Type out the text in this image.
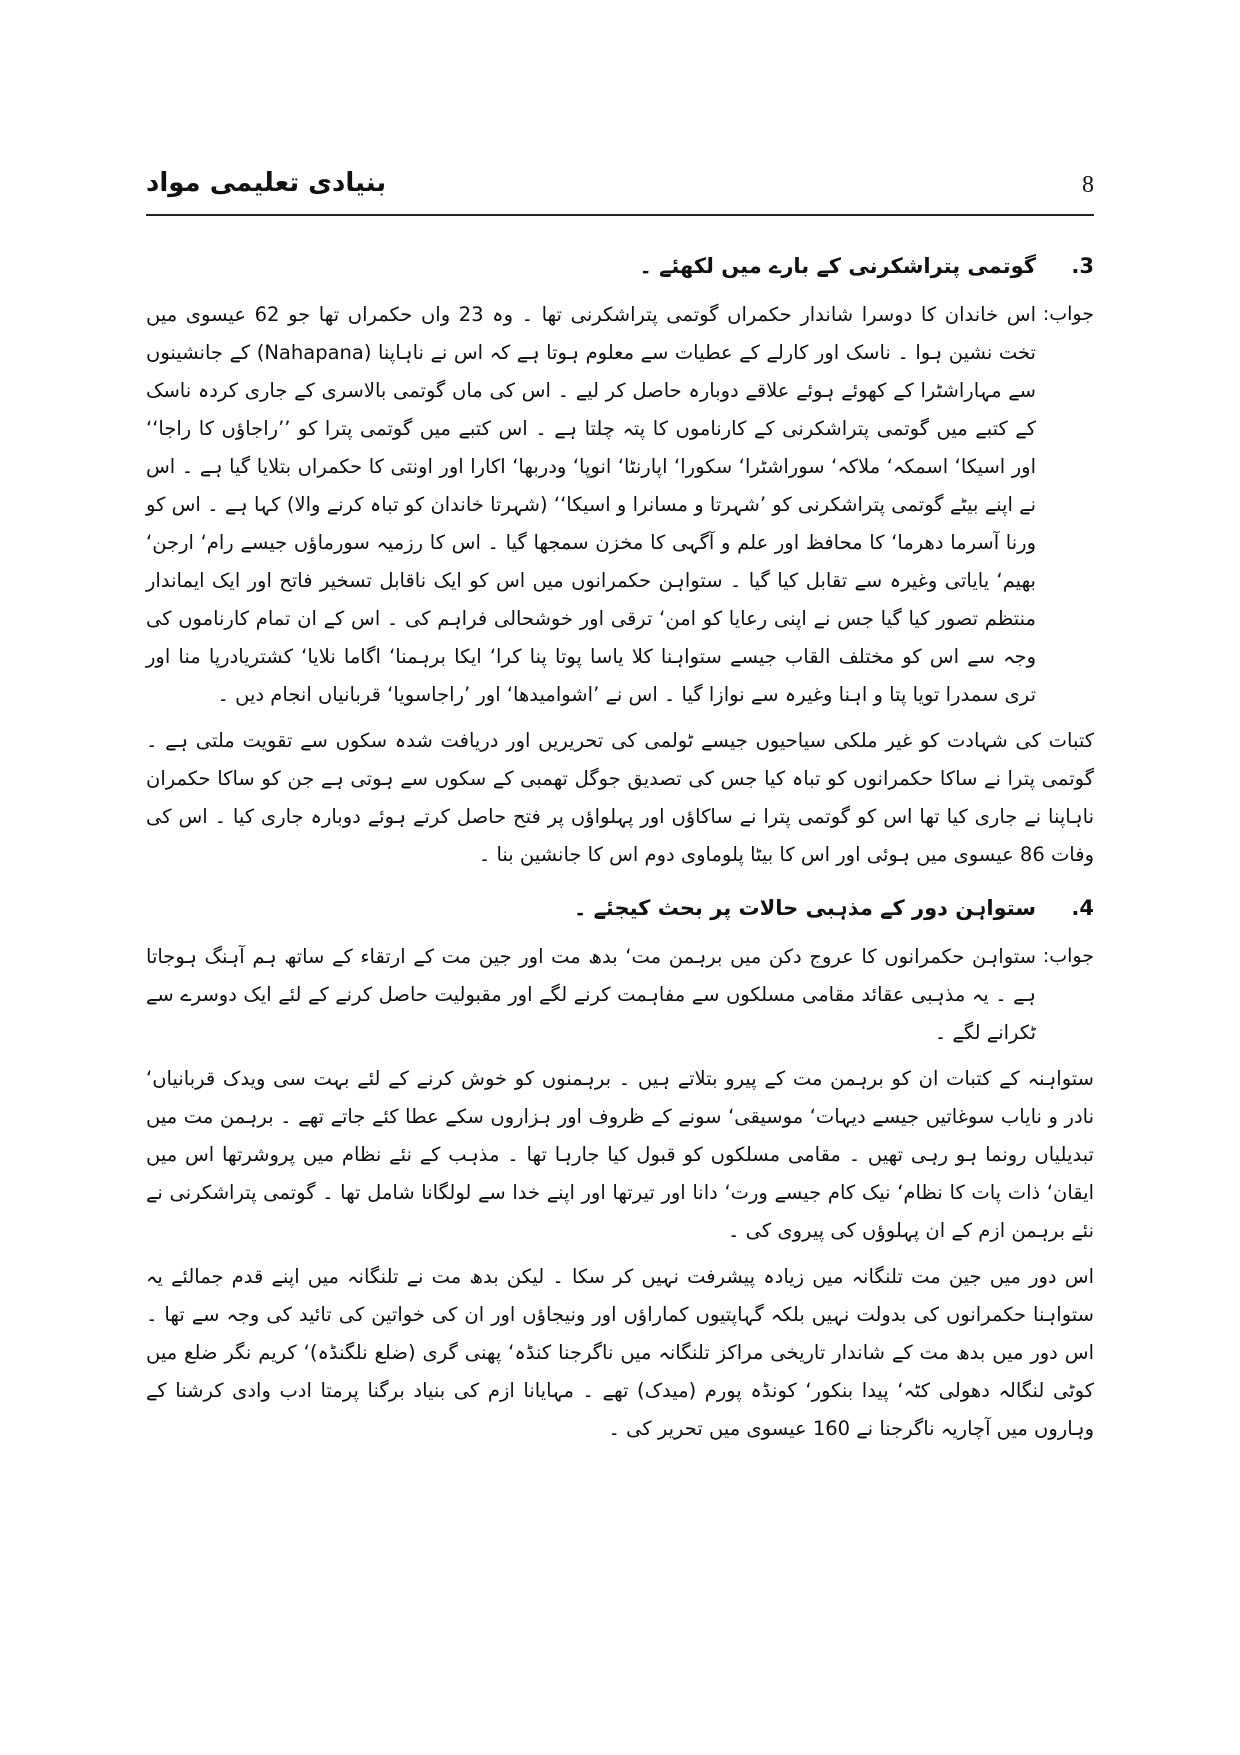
بنیادی تعلیمی مواد	8
3.گوتمی پتراشکرنی کے بارے میں لکھئے ۔
جواب:

اس خاندان کا دوسرا شاندار حکمراں گوتمی پتراشکرنی تھا ۔ وہ 23 واں حکمراں تھا جو 62 عیسوی میں تخت نشین ہوا ۔ ناسک اور کارلے کے عطیات سے معلوم ہوتا ہے کہ اس نے ناہاپنا (Nahapana) کے جانشینوں سے مہاراشٹرا کے کھوئے ہوئے علاقے دوبارہ حاصل کر لیے ۔ اس کی ماں گوتمی بالاسری کے جاری کردہ ناسک کے کتبے میں گوتمی پتراشکرنی کے کارناموں کا پتہ چلتا ہے ۔ اس کتبے میں گوتمی پترا کو ’’راجاؤں کا راجا‘‘ اور اسیکا‘ اسمکہ‘ ملاکہ‘ سوراشٹرا‘ سکورا‘ اپارنٹا‘ انوپا‘ ودربھا‘ اکارا اور اونتی کا حکمراں بتلایا گیا ہے ۔ اس نے اپنے بیٹے گوتمی پتراشکرنی کو ’شہرتا و مسانرا و اسیکا‘‘ (شہرتا خاندان کو تباہ کرنے والا) کہا ہے ۔ اس کو ورنا آسرما دھرما‘ کا محافظ اور علم و آگہی کا مخزن سمجھا گیا ۔ اس کا رزمیہ سورماؤں جیسے رام‘ ارجن‘ بھیم‘ یایاتی وغیرہ سے تقابل کیا گیا ۔ ستواہن حکمرانوں میں اس کو ایک ناقابل تسخیر فاتح اور ایک ایماندار منتظم تصور کیا گیا جس نے اپنی رعایا کو امن‘ ترقی اور خوشحالی فراہم کی ۔ اس کے ان تمام کارناموں کی وجہ سے اس کو مختلف القاب جیسے ستواہنا کلا یاسا پوتا پنا کرا‘ ایکا برہمنا‘ اگاما نلایا‘ کشتریادرپا منا اور تری سمدرا تویا پتا و اہنا وغیرہ سے نوازا گیا ۔ اس نے ’اشوامیدھا‘ اور ’راجاسویا‘ قربانیاں انجام دیں ۔

کتبات کی شہادت کو غیر ملکی سیاحیوں جیسے ٹولمی کی تحریریں اور دریافت شدہ سکوں سے تقویت ملتی ہے ۔ گوتمی پترا نے ساکا حکمرانوں کو تباہ کیا جس کی تصدیق جوگل تھمبی کے سکوں سے ہوتی ہے جن کو ساکا حکمران ناہاپنا نے جاری کیا تھا اس کو گوتمی پترا نے ساکاؤں اور پہلواؤں پر فتح حاصل کرتے ہوئے دوبارہ جاری کیا ۔ اس کی وفات 86 عیسوی میں ہوئی اور اس کا بیٹا پلوماوی دوم اس کا جانشین بنا ۔

4.ستواہن دور کے مذہبی حالات پر بحث کیجئے ۔
جواب:

ستواہن حکمرانوں کا عروج دکن میں برہمن مت‘ بدھ مت اور جین مت کے ارتقاء کے ساتھ ہم آہنگ ہوجاتا ہے ۔ یہ مذہبی عقائد مقامی مسلکوں سے مفاہمت کرنے لگے اور مقبولیت حاصل کرنے کے لئے ایک دوسرے سے ٹکرانے لگے ۔

ستواہنہ کے کتبات ان کو برہمن مت کے پیرو بتلاتے ہیں ۔ برہمنوں کو خوش کرنے کے لئے بہت سی ویدک قربانیاں‘ نادر و نایاب سوغاتیں جیسے دیہات‘ موسیقی‘ سونے کے ظروف اور ہزاروں سکے عطا کئے جاتے تھے ۔ برہمن مت میں تبدیلیاں رونما ہو رہی تھیں ۔ مقامی مسلکوں کو قبول کیا جارہا تھا ۔ مذہب کے نئے نظام میں پروشرتھا اس میں ایقان‘ ذات پات کا نظام‘ نیک کام جیسے ورت‘ دانا اور تیرتھا اور اپنے خدا سے لولگانا شامل تھا ۔ گوتمی پتراشکرنی نے نئے برہمن ازم کے ان پہلوؤں کی پیروی کی ۔

اس دور میں جین مت تلنگانہ میں زیادہ پیشرفت نہیں کر سکا ۔ لیکن بدھ مت نے تلنگانہ میں اپنے قدم جمالئے یہ ستواہنا حکمرانوں کی بدولت نہیں بلکہ گہاپتیوں کماراؤں اور ونیجاؤں اور ان کی خواتین کی تائید کی وجہ سے تھا ۔ اس دور میں بدھ مت کے شاندار تاریخی مراکز تلنگانہ میں ناگرجنا کنڈہ‘ پھنی گری (ضلع نلگنڈہ)‘ کریم نگر ضلع میں کوٹی لنگالہ دھولی کٹہ‘ پیدا بنکور‘ کونڈہ پورم (میدک) تھے ۔ مہایانا ازم کی بنیاد برگنا پرمتا ادب وادی کرشنا کے وہاروں میں آچاریہ ناگرجنا نے 160 عیسوی میں تحریر کی ۔
